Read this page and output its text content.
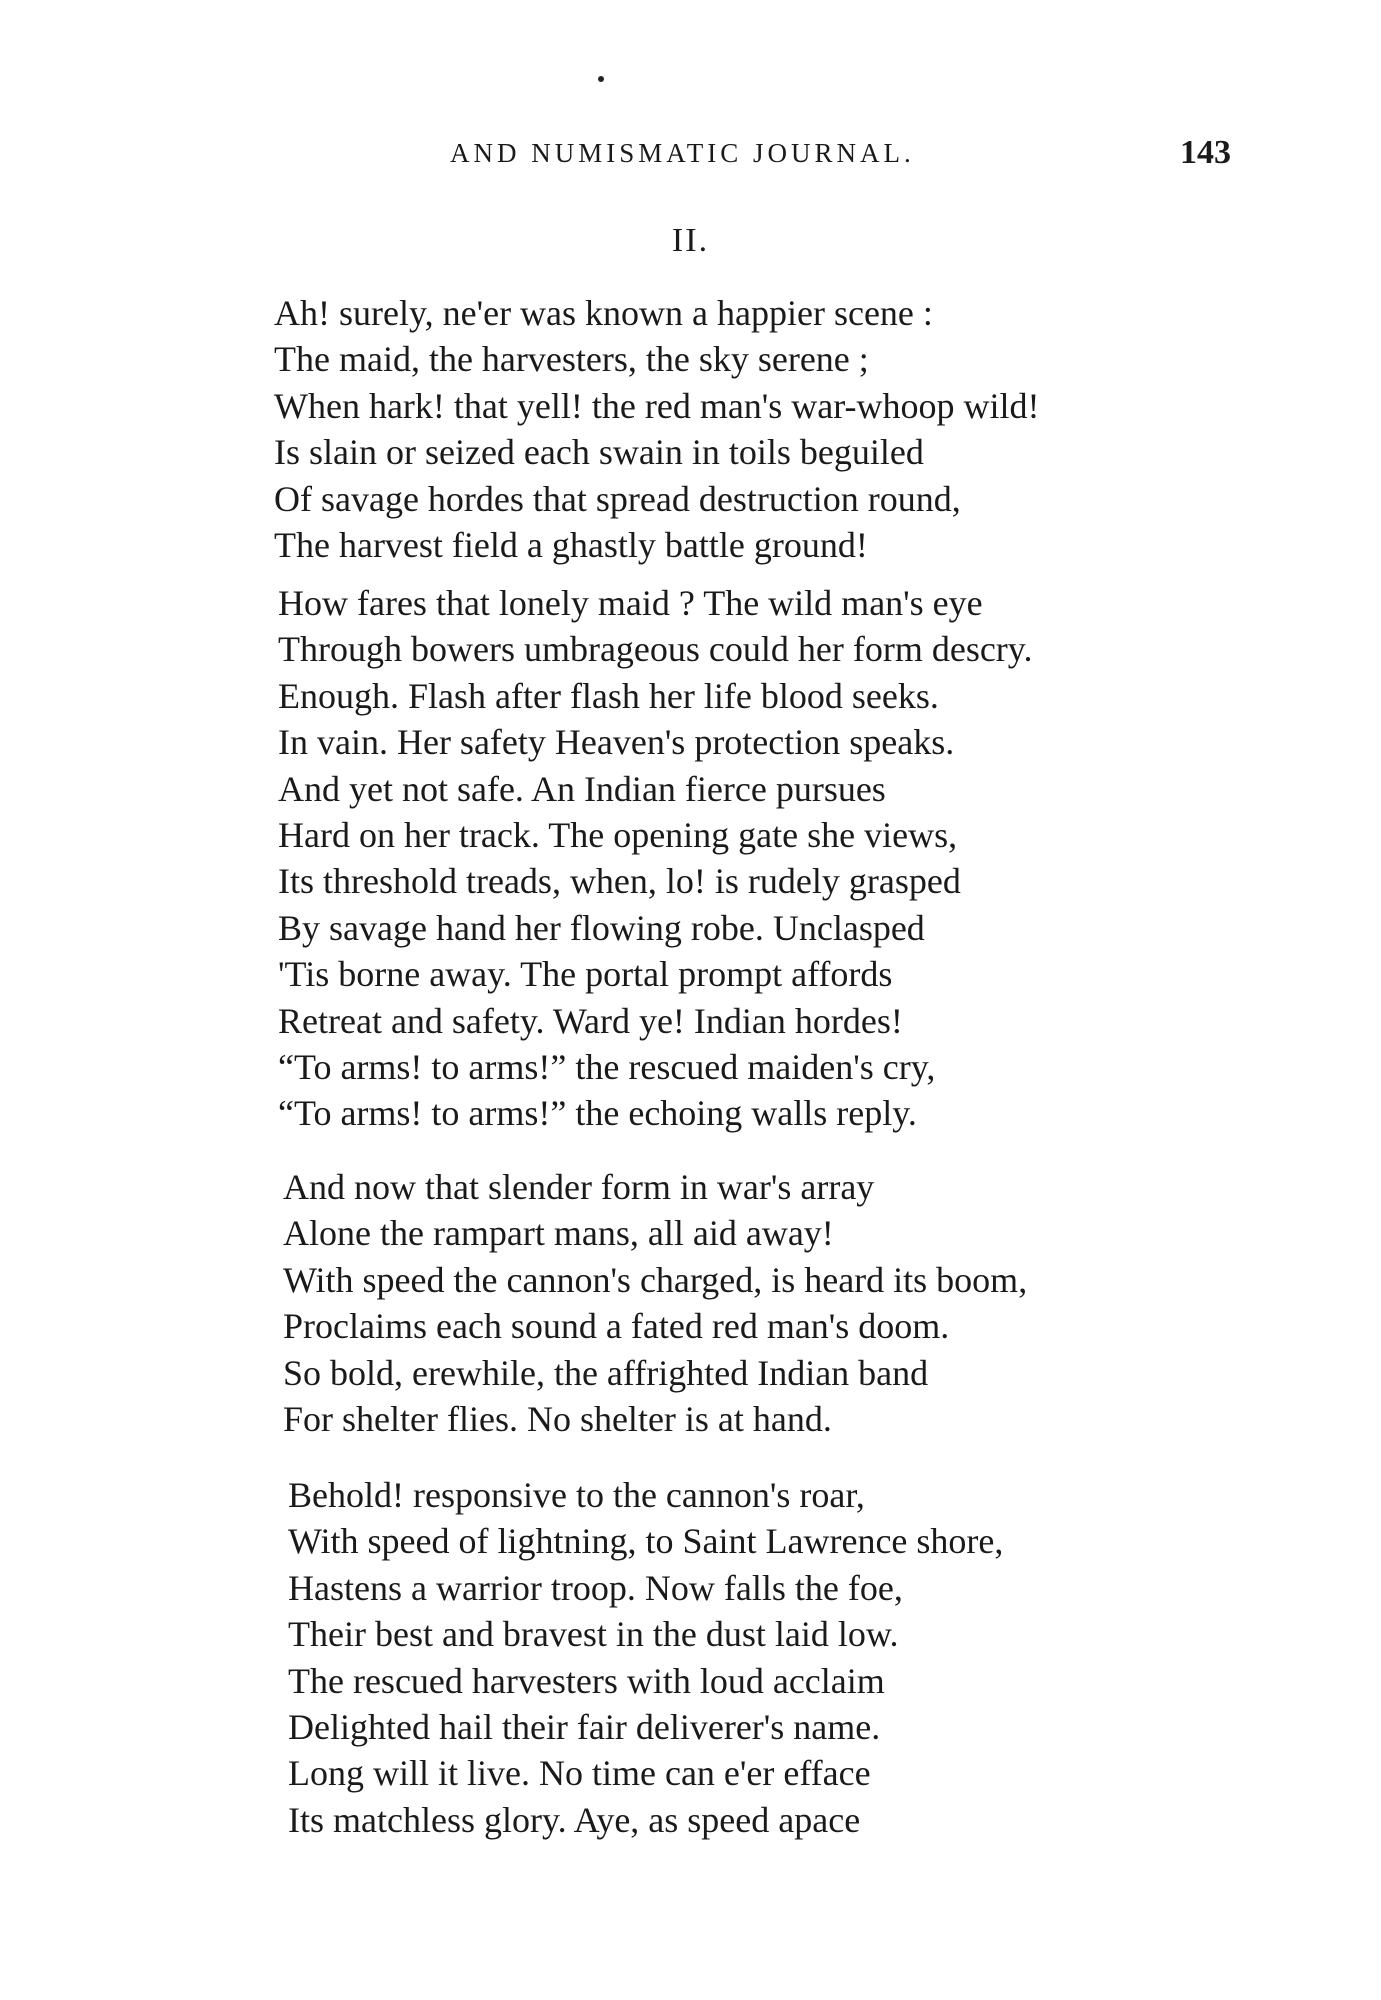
AND NUMISMATIC JOURNAL.	143
II.
Ah! surely, ne'er was known a happier scene :
The maid, the harvesters, the sky serene ;
When hark! that yell! the red man's war-whoop wild!
Is slain or seized each swain in toils beguiled
Of savage hordes that spread destruction round,
The harvest field a ghastly battle ground!
How fares that lonely maid ? The wild man's eye
Through bowers umbrageous could her form descry.
Enough. Flash after flash her life blood seeks.
In vain. Her safety Heaven's protection speaks.
And yet not safe. An Indian fierce pursues
Hard on her track. The opening gate she views,
Its threshold treads, when, lo! is rudely grasped
By savage hand her flowing robe. Unclasped
'Tis borne away. The portal prompt affords
Retreat and safety. Ward ye! Indian hordes!
“To arms! to arms!” the rescued maiden's cry,
“To arms! to arms!” the echoing walls reply.
And now that slender form in war's array
Alone the rampart mans, all aid away!
With speed the cannon's charged, is heard its boom,
Proclaims each sound a fated red man's doom.
So bold, erewhile, the affrighted Indian band
For shelter flies. No shelter is at hand.
Behold! responsive to the cannon's roar,
With speed of lightning, to Saint Lawrence shore,
Hastens a warrior troop. Now falls the foe,
Their best and bravest in the dust laid low.
The rescued harvesters with loud acclaim
Delighted hail their fair deliverer's name.
Long will it live. No time can e'er efface
Its matchless glory. Aye, as speed apace
